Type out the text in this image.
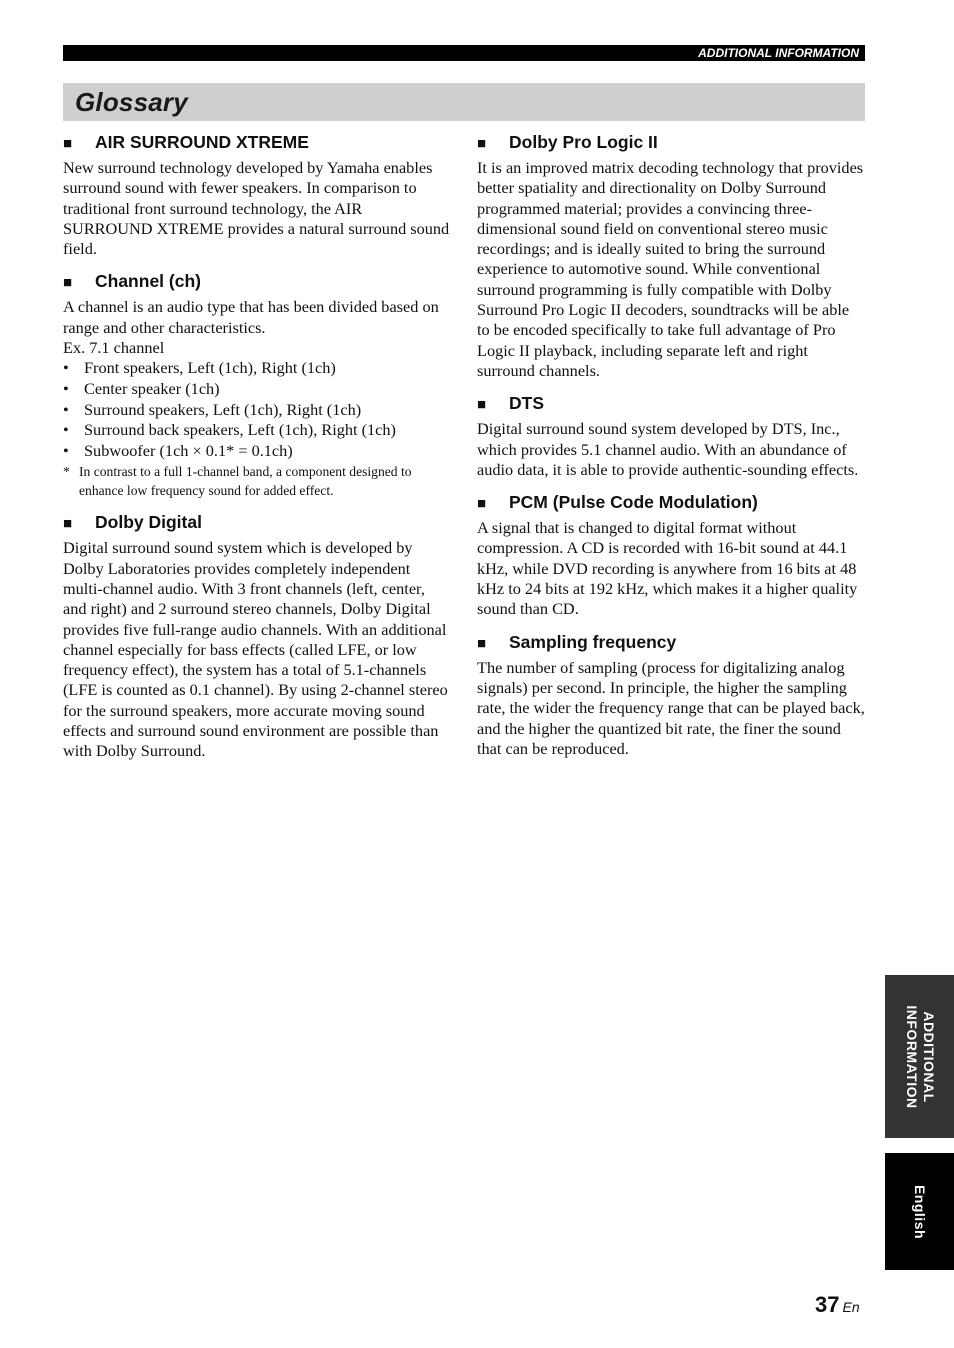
ADDITIONAL INFORMATION
Glossary
■ AIR SURROUND XTREME

New surround technology developed by Yamaha enables surround sound with fewer speakers. In comparison to traditional front surround technology, the AIR SURROUND XTREME provides a natural surround sound field.

■ Channel (ch)

A channel is an audio type that has been divided based on range and other characteristics.

Ex. 7.1 channel

• Front speakers, Left (1ch), Right (1ch)
• Center speaker (1ch)
• Surround speakers, Left (1ch), Right (1ch)
• Surround back speakers, Left (1ch), Right (1ch)
• Subwoofer (1ch × 0.1* = 0.1ch)
* In contrast to a full 1-channel band, a component designed to enhance low frequency sound for added effect.
■ Dolby Digital

Digital surround sound system which is developed by Dolby Laboratories provides completely independent multi-channel audio. With 3 front channels (left, center, and right) and 2 surround stereo channels, Dolby Digital provides five full-range audio channels. With an additional channel especially for bass effects (called LFE, or low frequency effect), the system has a total of 5.1-channels (LFE is counted as 0.1 channel). By using 2-channel stereo for the surround speakers, more accurate moving sound effects and surround sound environment are possible than with Dolby Surround.

■ Dolby Pro Logic II

It is an improved matrix decoding technology that provides better spatiality and directionality on Dolby Surround programmed material; provides a convincing three-dimensional sound field on conventional stereo music recordings; and is ideally suited to bring the surround experience to automotive sound. While conventional surround programming is fully compatible with Dolby Surround Pro Logic II decoders, soundtracks will be able to be encoded specifically to take full advantage of Pro Logic II playback, including separate left and right surround channels.

■ DTS

Digital surround sound system developed by DTS, Inc., which provides 5.1 channel audio. With an abundance of audio data, it is able to provide authentic-sounding effects.

■ PCM (Pulse Code Modulation)

A signal that is changed to digital format without compression. A CD is recorded with 16-bit sound at 44.1 kHz, while DVD recording is anywhere from 16 bits at 48 kHz to 24 bits at 192 kHz, which makes it a higher quality sound than CD.

■ Sampling frequency

The number of sampling (process for digitalizing analog signals) per second. In principle, the higher the sampling rate, the wider the frequency range that can be played back, and the higher the quantized bit rate, the finer the sound that can be reproduced.

ADDITIONAL INFORMATION
English
37 En
